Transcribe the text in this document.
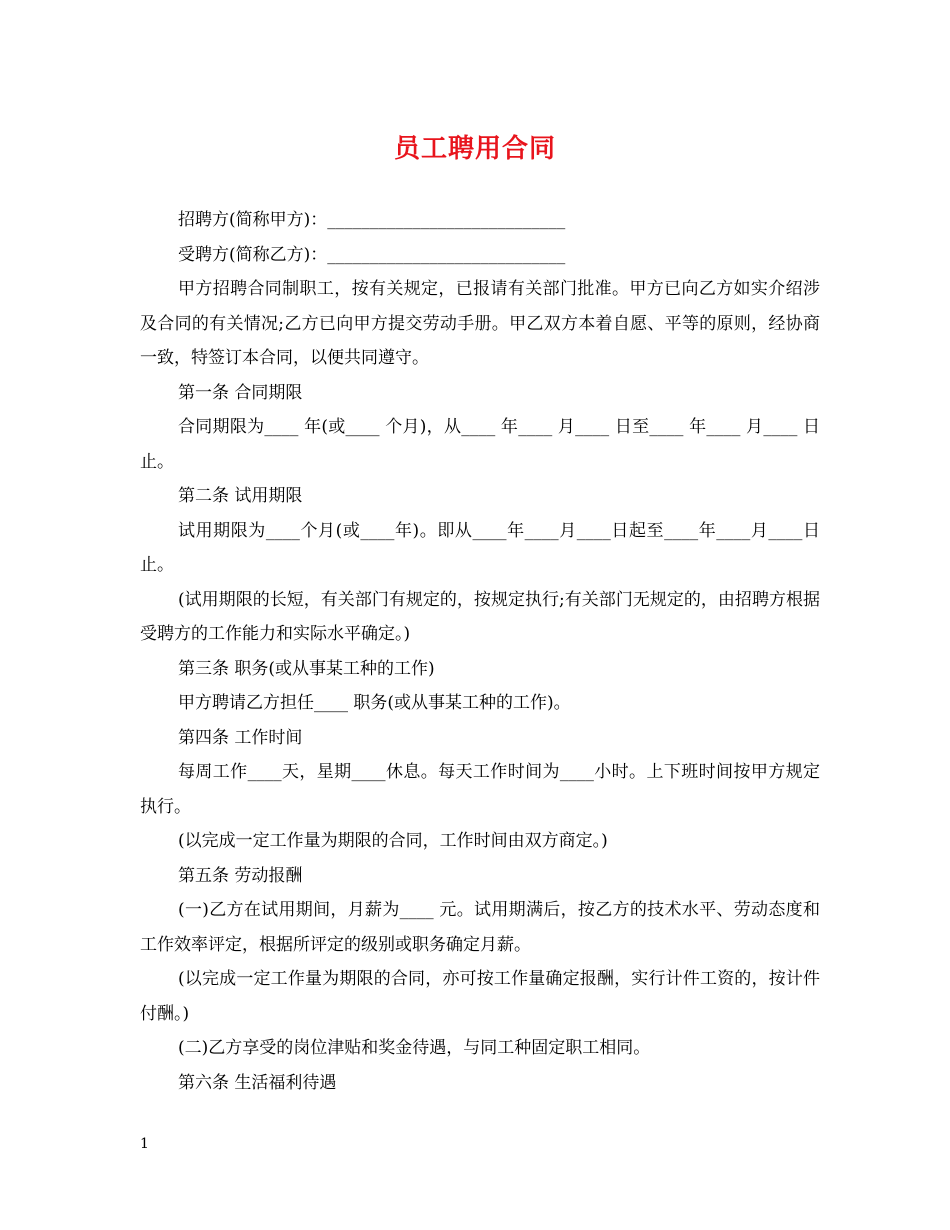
员工聘用合同

招聘方(简称甲方)：____________________________

受聘方(简称乙方)：____________________________

甲方招聘合同制职工，按有关规定，已报请有关部门批准。甲方已向乙方如实介绍涉及合同的有关情况;乙方已向甲方提交劳动手册。甲乙双方本着自愿、平等的原则，经协商一致，特签订本合同，以便共同遵守。

第一条 合同期限

合同期限为____ 年(或____ 个月)，从____ 年____ 月____ 日至____ 年____ 月____ 日止。

第二条 试用期限

试用期限为____个月(或____年)。即从____年____月____日起至____年____月____日止。

(试用期限的长短，有关部门有规定的，按规定执行;有关部门无规定的，由招聘方根据受聘方的工作能力和实际水平确定。)

第三条 职务(或从事某工种的工作)

甲方聘请乙方担任____ 职务(或从事某工种的工作)。

第四条 工作时间

每周工作____天，星期____休息。每天工作时间为____小时。上下班时间按甲方规定执行。

(以完成一定工作量为期限的合同，工作时间由双方商定。)

第五条 劳动报酬

(一)乙方在试用期间，月薪为____ 元。试用期满后，按乙方的技术水平、劳动态度和工作效率评定，根据所评定的级别或职务确定月薪。

(以完成一定工作量为期限的合同，亦可按工作量确定报酬，实行计件工资的，按计件付酬。)

(二)乙方享受的岗位津贴和奖金待遇，与同工种固定职工相同。

第六条 生活福利待遇

1
